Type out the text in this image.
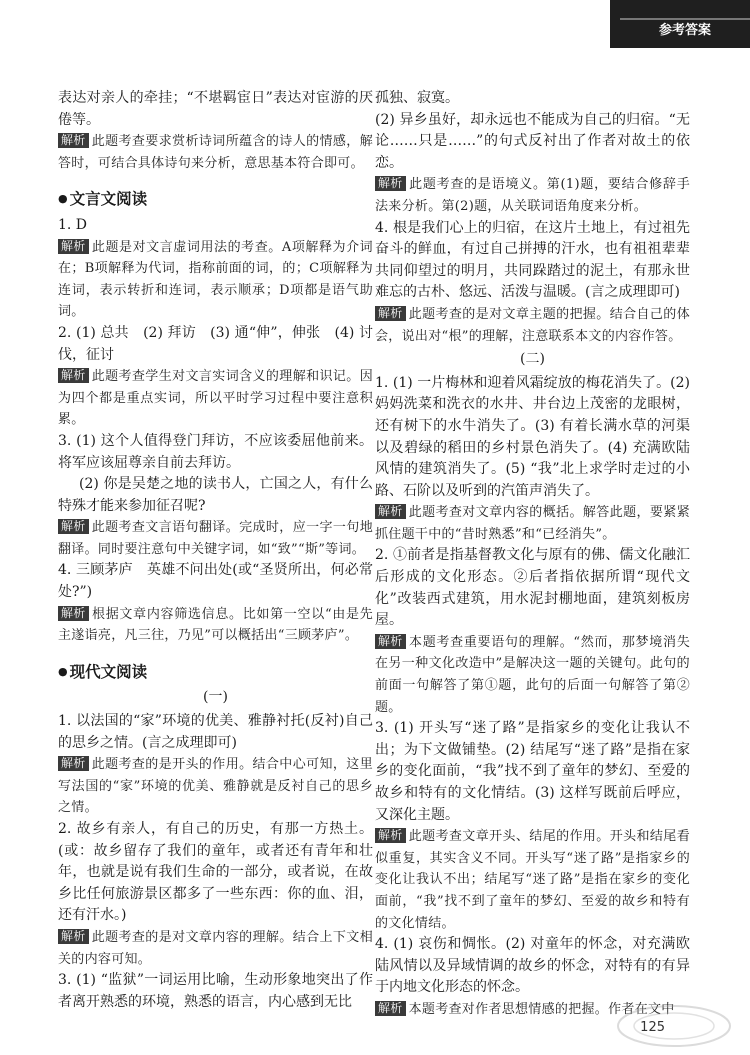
参考答案

表达对亲人的牵挂；“不堪羁宦日”表达对宦游的厌倦等。

解析 此题考查要求赏析诗词所蕴含的诗人的情感，解答时，可结合具体诗句来分析，意思基本符合即可。

● 文言文阅读

1. D

解析 此题是对文言虚词用法的考查。A项解释为介词在；B项解释为代词，指称前面的词，的；C项解释为连词，表示转折和连词，表示顺承；D项都是语气助词。

2. (1) 总共　(2) 拜访　(3) 通“伸”，伸张　(4) 讨伐，征讨

解析 此题考查学生对文言实词含义的理解和识记。因为四个都是重点实词，所以平时学习过程中要注意积累。

3. (1) 这个人值得登门拜访，不应该委屈他前来。将军应该屈尊亲自前去拜访。

(2) 你是吴楚之地的读书人，亡国之人，有什么特殊才能来参加征召呢?

解析 此题考查文言语句翻译。完成时，应一字一句地翻译。同时要注意句中关键字词，如“致”“斯”等词。

4. 三顾茅庐　英雄不问出处(或“圣贤所出，何必常处?”)

解析 根据文章内容筛选信息。比如第一空以“由是先主遂诣亮，凡三往，乃见”可以概括出“三顾茅庐”。

● 现代文阅读

(一)

1. 以法国的“家”环境的优美、雅静衬托(反衬)自己的思乡之情。(言之成理即可)

解析 此题考查的是开头的作用。结合中心可知，这里写法国的“家”环境的优美、雅静就是反衬自己的思乡之情。

2. 故乡有亲人，有自己的历史，有那一方热土。(或：故乡留存了我们的童年，或者还有青年和壮年，也就是说有我们生命的一部分，或者说，在故乡比任何旅游景区都多了一些东西：你的血、泪，还有汗水。)

解析 此题考查的是对文章内容的理解。结合上下文相关的内容可知。

3. (1) “监狱”一词运用比喻，生动形象地突出了作者离开熟悉的环境，熟悉的语言，内心感到无比

孤独、寂寞。

(2) 异乡虽好，却永远也不能成为自己的归宿。“无论……只是……”的句式反衬出了作者对故土的依恋。

解析 此题考查的是语境义。第(1)题，要结合修辞手法来分析。第(2)题，从关联词语角度来分析。

4. 根是我们心上的归宿，在这片土地上，有过祖先奋斗的鲜血，有过自己拼搏的汗水，也有祖祖辈辈共同仰望过的明月，共同跺踏过的泥土，有那永世难忘的古朴、悠远、活泼与温暖。(言之成理即可)

解析 此题考查的是对文章主题的把握。结合自己的体会，说出对“根”的理解，注意联系本文的内容作答。

(二)

1. (1) 一片梅林和迎着风霜绽放的梅花消失了。(2) 妈妈洗菜和洗衣的水井、井台边上茂密的龙眼树，还有树下的水牛消失了。(3) 有着长满水草的河渠以及碧绿的稻田的乡村景色消失了。(4) 充满欧陆风情的建筑消失了。(5) “我”北上求学时走过的小路、石阶以及听到的汽笛声消失了。

解析 此题考查对文章内容的概括。解答此题，要紧紧抓住题干中的“昔时熟悉”和“已经消失”。

2. ①前者是指基督教文化与原有的佛、儒文化融汇后形成的文化形态。②后者指依据所谓“现代文化”改装西式建筑，用水泥封棚地面，建筑刻板房屋。

解析 本题考查重要语句的理解。“然而，那梦境消失在另一种文化改造中”是解决这一题的关键句。此句的前面一句解答了第①题，此句的后面一句解答了第②题。

3. (1) 开头写“迷了路”是指家乡的变化让我认不出；为下文做铺垫。(2) 结尾写“迷了路”是指在家乡的变化面前，“我”找不到了童年的梦幻、至爱的故乡和特有的文化情结。(3) 这样写既前后呼应，又深化主题。

解析 此题考查文章开头、结尾的作用。开头和结尾看似重复，其实含义不同。开头写“迷了路”是指家乡的变化让我认不出；结尾写“迷了路”是指在家乡的变化面前，“我”找不到了童年的梦幻、至爱的故乡和特有的文化情结。

4. (1) 哀伤和惆怅。(2) 对童年的怀念，对充满欧陆风情以及异域情调的故乡的怀念，对特有的有异于内地文化形态的怀念。

解析 本题考查对作者思想情感的把握。作者在文中

125
